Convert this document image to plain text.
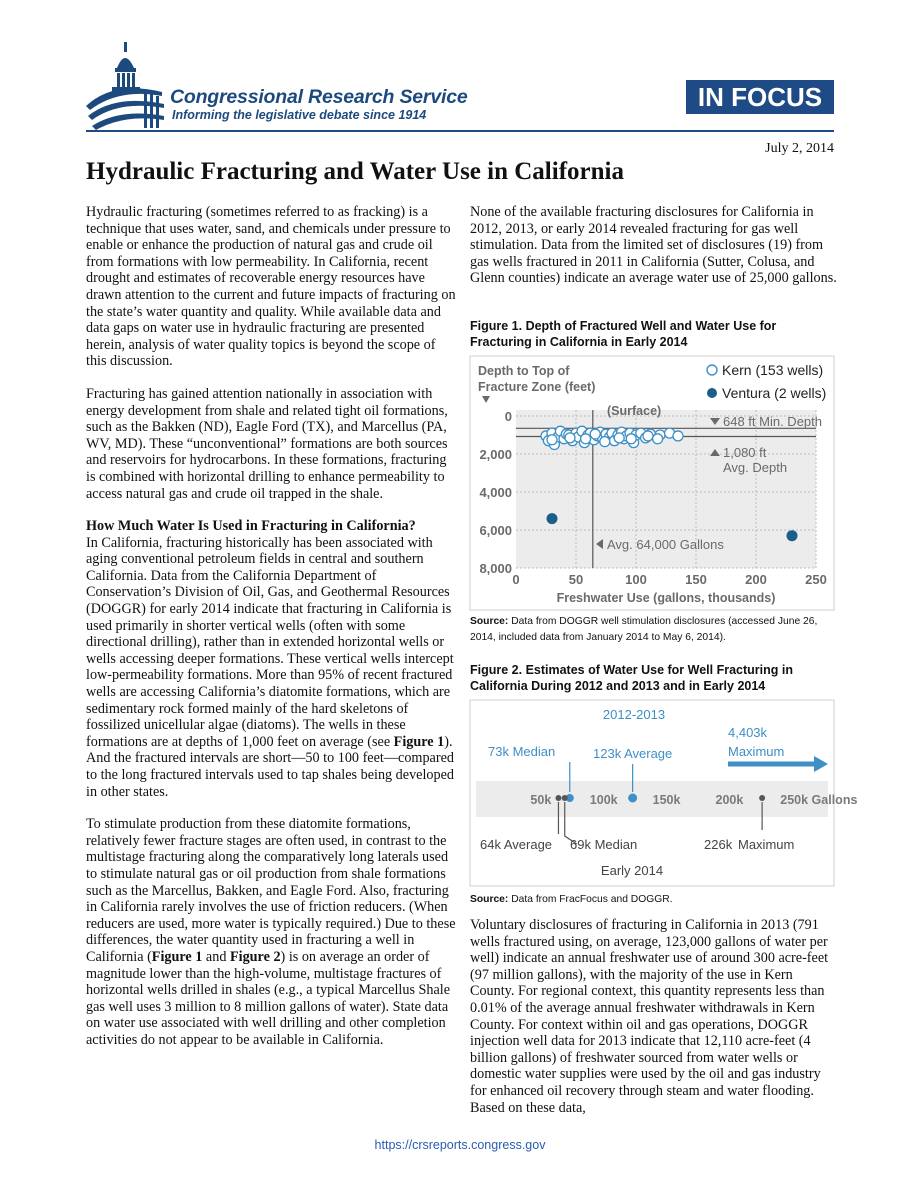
Congressional Research Service
Informing the legislative debate since 1914
IN FOCUS
July 2, 2014
Hydraulic Fracturing and Water Use in California

Hydraulic fracturing (sometimes referred to as fracking) is a technique that uses water, sand, and chemicals under pressure to enable or enhance the production of natural gas and crude oil from formations with low permeability. In California, recent drought and estimates of recoverable energy resources have drawn attention to the current and future impacts of fracturing on the state’s water quantity and quality. While available data and data gaps on water use in hydraulic fracturing are presented herein, analysis of water quality topics is beyond the scope of this discussion.

Fracturing has gained attention nationally in association with energy development from shale and related tight oil formations, such as the Bakken (ND), Eagle Ford (TX), and Marcellus (PA, WV, MD). These “unconventional” formations are both sources and reservoirs for hydrocarbons. In these formations, fracturing is combined with horizontal drilling to enhance permeability to access natural gas and crude oil trapped in the shale.

How Much Water Is Used in Fracturing in California?

In California, fracturing historically has been associated with aging conventional petroleum fields in central and southern California. Data from the California Department of Conservation’s Division of Oil, Gas, and Geothermal Resources (DOGGR) for early 2014 indicate that fracturing in California is used primarily in shorter vertical wells (often with some directional drilling), rather than in extended horizontal wells or wells accessing deeper formations. These vertical wells intercept low-permeability formations. More than 95% of recent fractured wells are accessing California’s diatomite formations, which are sedimentary rock formed mainly of the hard skeletons of fossilized unicellular algae (diatoms). The wells in these formations are at depths of 1,000 feet on average (see Figure 1). And the fractured intervals are short—50 to 100 feet—compared to the long fractured intervals used to tap shales being developed in other states.

To stimulate production from these diatomite formations, relatively fewer fracture stages are often used, in contrast to the multistage fracturing along the comparatively long laterals used to stimulate natural gas or oil production from shale formations such as the Marcellus, Bakken, and Eagle Ford. Also, fracturing in California rarely involves the use of friction reducers. (When reducers are used, more water is typically required.) Due to these differences, the water quantity used in fracturing a well in California (Figure 1 and Figure 2) is on average an order of magnitude lower than the high-volume, multistage fractures of horizontal wells drilled in shales (e.g., a typical Marcellus Shale gas well uses 3 million to 8 million gallons of water). State data on water use associated with well drilling and other completion activities do not appear to be available in California.

None of the available fracturing disclosures for California in 2012, 2013, or early 2014 revealed fracturing for gas well stimulation. Data from the limited set of disclosures (19) from gas wells fractured in 2011 in California (Sutter, Colusa, and Glenn counties) indicate an average water use of 25,000 gallons.

Figure 1. Depth of Fractured Well and Water Use for Fracturing in California in Early 2014
0
2,000
4,000
6,000
8,000
0	50	100	150	200	250
Depth to Top of
Fracture Zone (feet)
Kern (153 wells)
Ventura (2 wells)
(Surface)
648 ft Min. Depth
1,080 ft
Avg. Depth
Avg. 64,000 Gallons
Freshwater Use (gallons, thousands)
Source: Data from DOGGR well stimulation disclosures (accessed June 26, 2014, included data from January 2014 to May 6, 2014).
Figure 2. Estimates of Water Use for Well Fracturing in California During 2012 and 2013 and in Early 2014
2012-2013
73k Median	123k Average
4,403k
Maximum
50k	100k	150k	200k	250k Gallons
64k Average 69k Median	226k Maximum
Early 2014
Source: Data from FracFocus and DOGGR.

Voluntary disclosures of fracturing in California in 2013 (791 wells fractured using, on average, 123,000 gallons of water per well) indicate an annual freshwater use of around 300 acre-feet (97 million gallons), with the majority of the use in Kern County. For regional context, this quantity represents less than 0.01% of the average annual freshwater withdrawals in Kern County. For context within oil and gas operations, DOGGR injection well data for 2013 indicate that 12,110 acre-feet (4 billion gallons) of freshwater sourced from water wells or domestic water supplies were used by the oil and gas industry for enhanced oil recovery through steam and water flooding. Based on these data,

https://crsreports.congress.gov
